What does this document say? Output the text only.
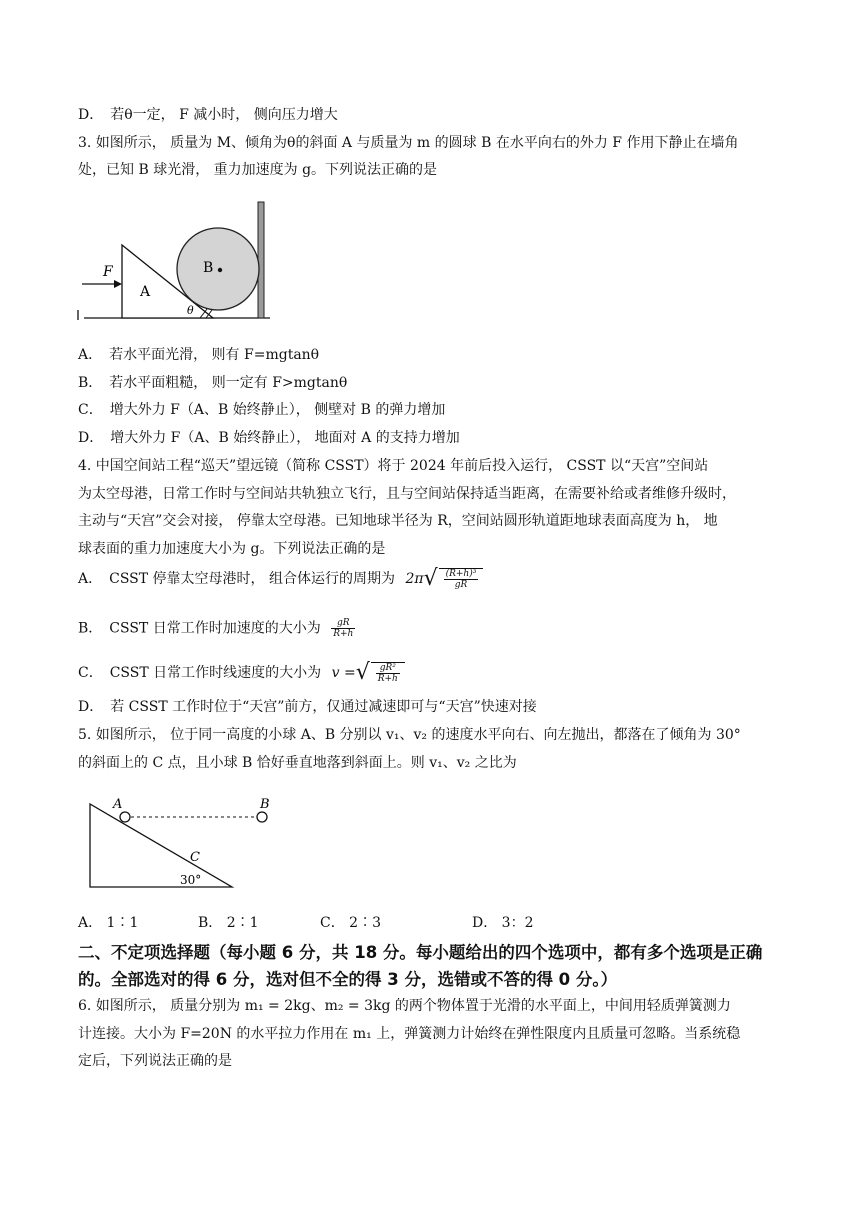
D．　若θ一定， F 减小时， 侧向压力增大
3. 如图所示， 质量为 M、倾角为θ的斜面 A 与质量为 m 的圆球 B 在水平向右的外力 F 作用下静止在墙角
处，已知 B 球光滑， 重力加速度为 g。下列说法正确的是
F
A
B
θ
A．　若水平面光滑， 则有 F=mgtanθ
B．　若水平面粗糙， 则一定有 F>mgtanθ
C．　增大外力 F（A、B 始终静止）， 侧壁对 B 的弹力增加
D．　增大外力 F（A、B 始终静止）， 地面对 A 的支持力增加
4. 中国空间站工程“巡天”望远镜（简称 CSST）将于 2024 年前后投入运行， CSST 以“天宫”空间站
为太空母港，日常工作时与空间站共轨独立飞行，且与空间站保持适当距离，在需要补给或者维修升级时，
主动与“天宫”交会对接， 停靠太空母港。已知地球半径为 R，空间站圆形轨道距地球表面高度为 h， 地
球表面的重力加速度大小为 g。下列说法正确的是
A．　CSST 停靠太空母港时， 组合体运行的周期为 $2\pi√ \frac{\text{(R+h)³}}{gR}$
B．　CSST 日常工作时加速度的大小为 $\frac{gR}{R+h}$
C．　CSST 日常工作时线速度的大小为 v =√ $\frac{\text{gR²}}{R+h}$
D．　若 CSST 工作时位于“天宫”前方，仅通过减速即可与“天宫”快速对接
5. 如图所示， 位于同一高度的小球 A、B 分别以 v₁、v₂ 的速度水平向右、向左抛出，都落在了倾角为 30°
的斜面上的 C 点，且小球 B 恰好垂直地落到斜面上。则 v₁、v₂ 之比为
A	B
C
30°
A． 1∶1	B． 2∶1	C． 2∶3	D． 3：2
二、不定项选择题（每小题 6 分，共 18 分。每小题给出的四个选项中，都有多个选项是正确
的。全部选对的得 6 分，选对但不全的得 3 分，选错或不答的得 0 分。）
6. 如图所示， 质量分别为 m₁ = 2kg、m₂ = 3kg 的两个物体置于光滑的水平面上，中间用轻质弹簧测力
计连接。大小为 F=20N 的水平拉力作用在 m₁ 上，弹簧测力计始终在弹性限度内且质量可忽略。当系统稳
定后，下列说法正确的是
